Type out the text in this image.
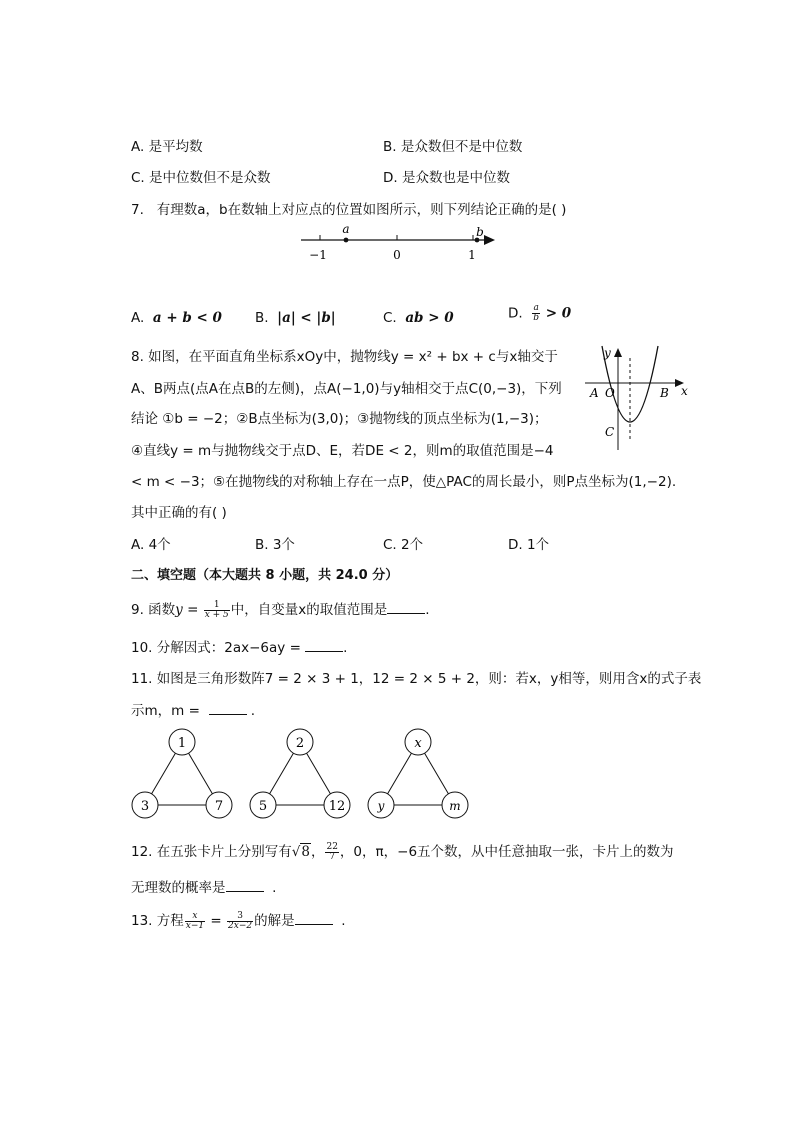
A. 是平均数	B. 是众数但不是中位数
C. 是中位数但不是众数	D. 是众数也是中位数
7. 有理数a，b在数轴上对应点的位置如图所示，则下列结论正确的是( )
a	b
−1	0	1
A. a + b < 0 B. |a| < |b|	C. ab > 0	D. $\frac{a}{b} > 0$
8. 如图，在平面直角坐标系xOy中，抛物线y = x² + bx + c与x轴交于
A、B两点(点A在点B的左侧)，点A(−1,0)与y轴相交于点C(0,−3)，下列
结论 ①b = −2；②B点坐标为(3,0)；③抛物线的顶点坐标为(1,−3)；
④直线y = m与抛物线交于点D、E，若DE < 2，则m的取值范围是−4
< m < −3；⑤在抛物线的对称轴上存在一点P，使△PAC的周长最小，则P点坐标为(1,−2).
其中正确的有( )
y
x
A O	B
C
A. 4个	B. 3个	C. 2个	D. 1个
二、填空题（本大题共 8 小题，共 24.0 分）
9. 函数$y = \frac{1}{x + 5}$ 中，自变量x的取值范围是	.
10. 分解因式：2ax−6ay =	.
11. 如图是三角形数阵7 = 2 × 3 + 1，12 = 2 × 5 + 2，则：若x，y相等，则用含x的式子表
示m，m =	.
1
3	7
2
5	12
x
y	m
12. 在五张卡片上分别写有√8， $\frac{22}{7}$ ，0，π，−6五个数，从中任意抽取一张，卡片上的数为
无理数的概率是	.
13. 方程 $\frac{x}{x-1} = \frac{3}{2x-2}$ 的解是	.
